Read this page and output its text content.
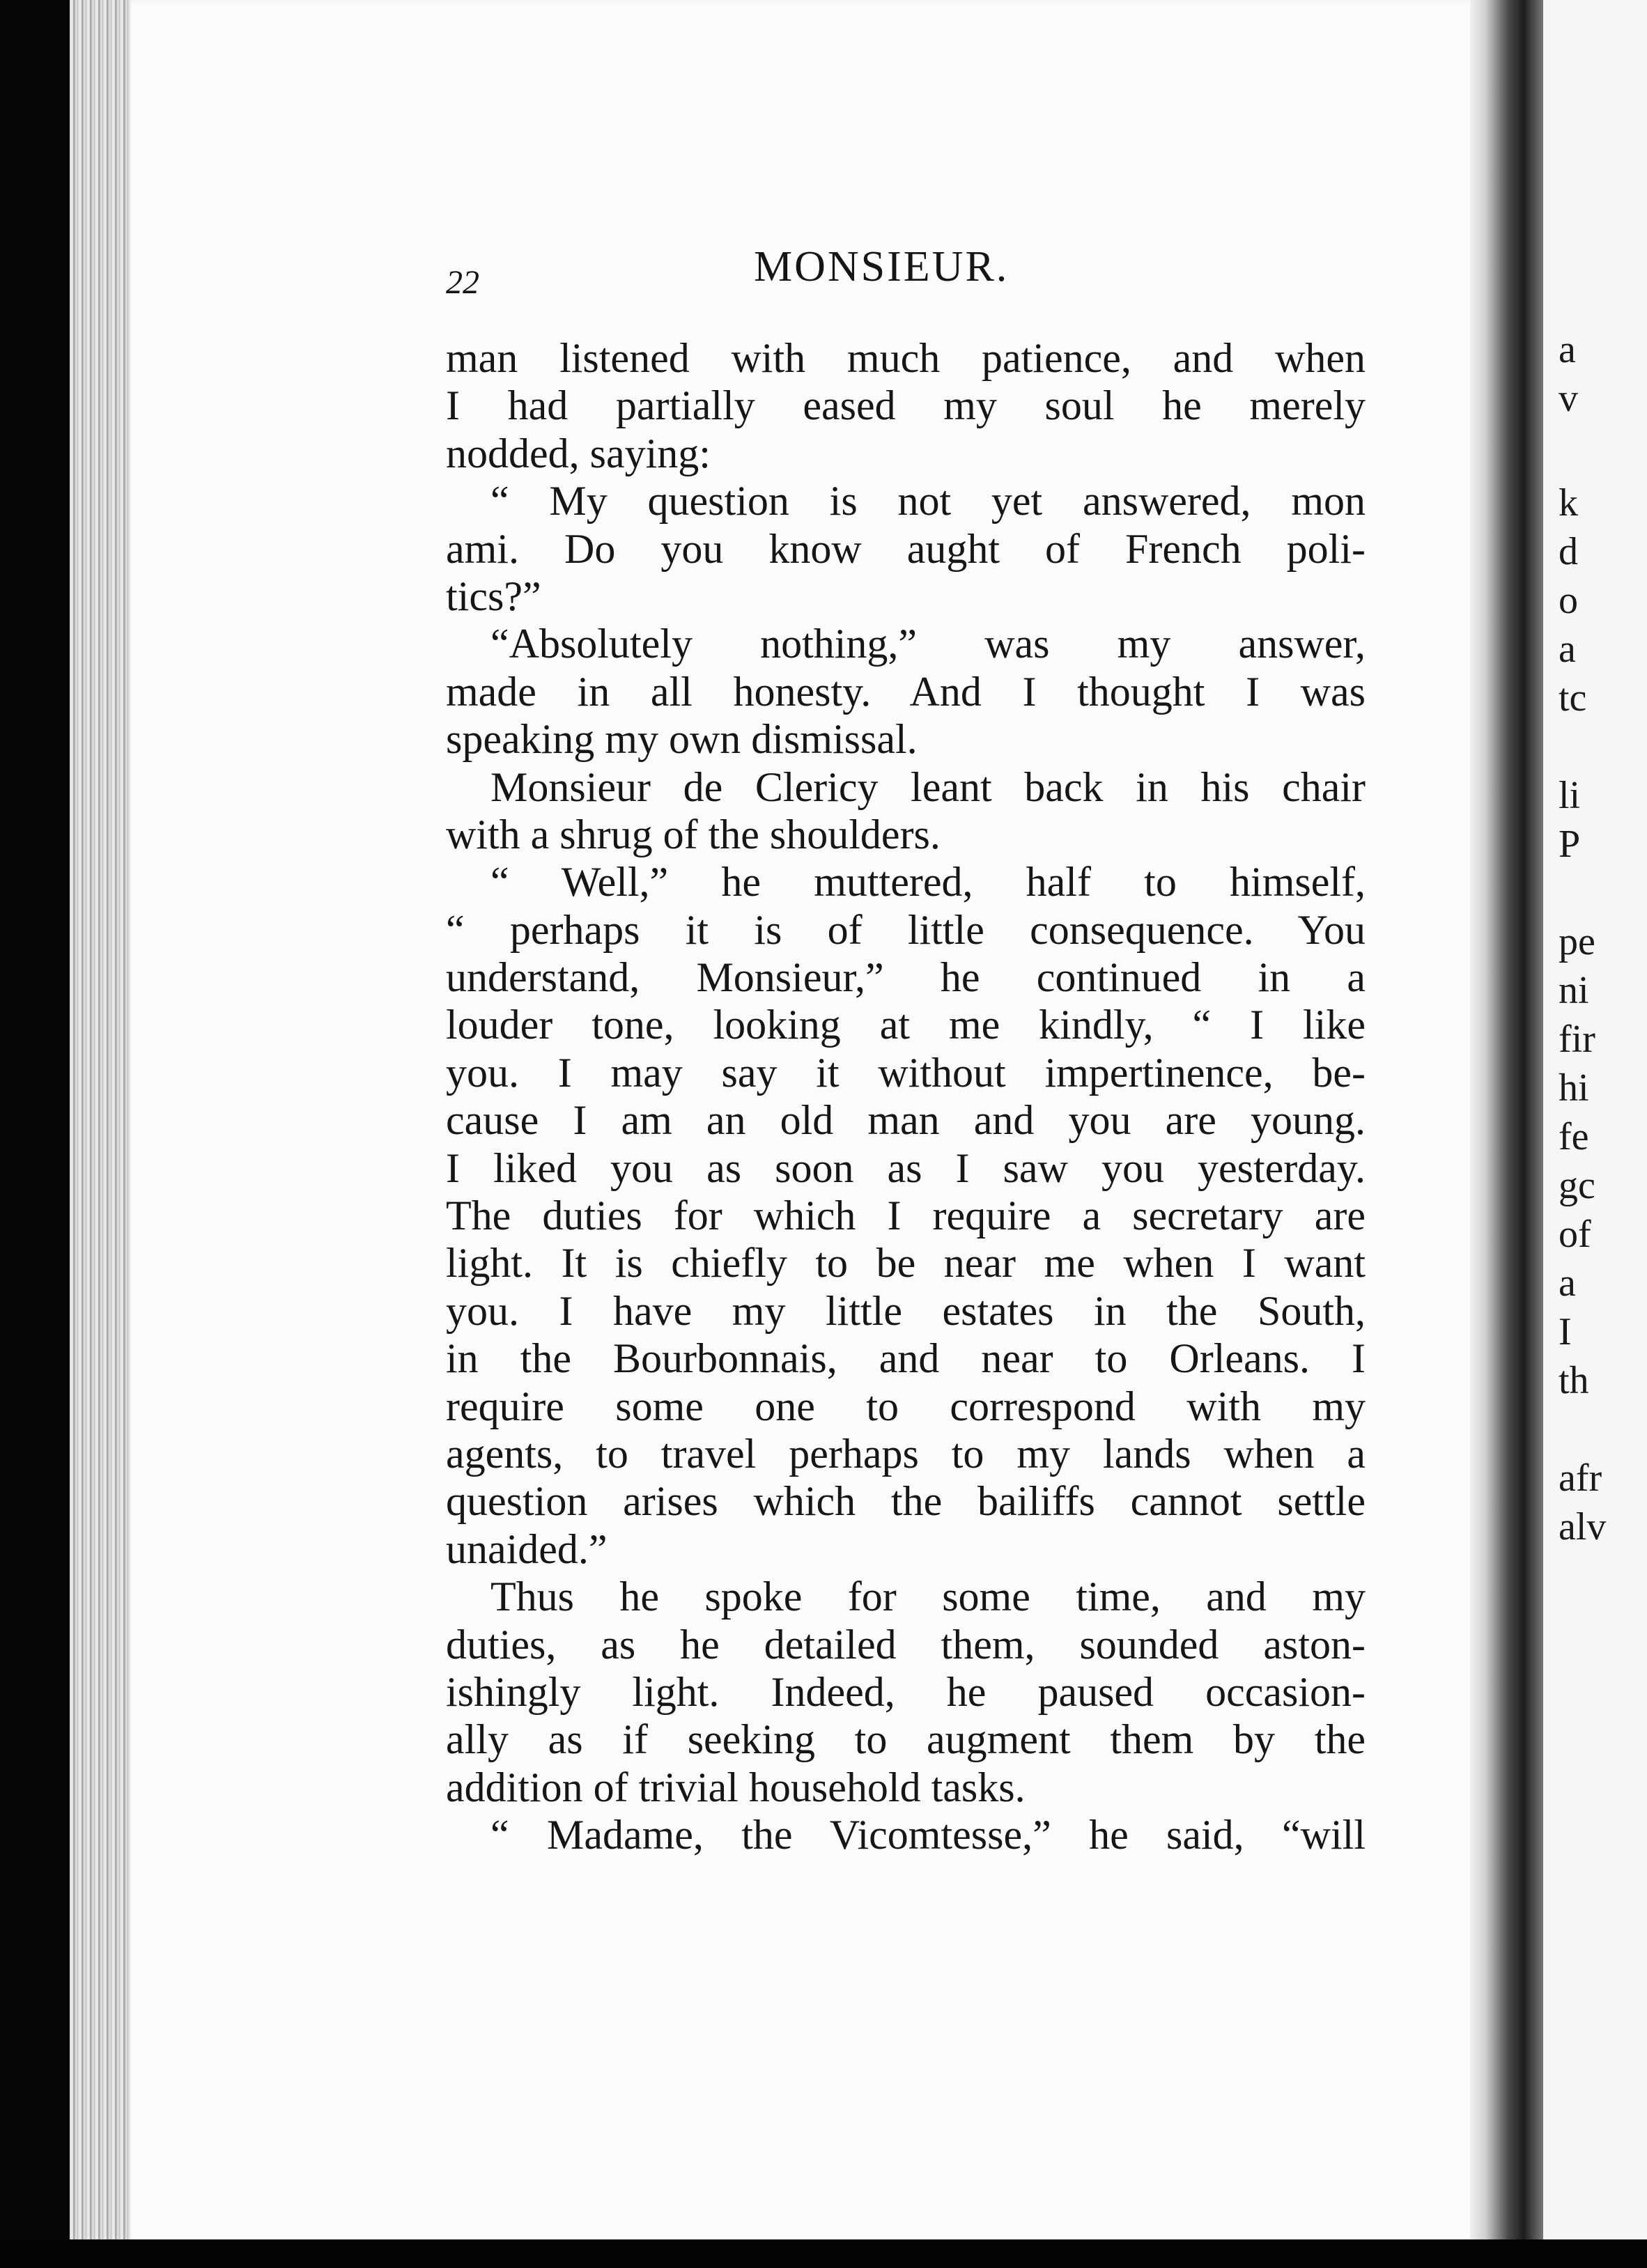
22	MONSIEUR.
man listened with much patience, and when
I had partially eased my soul he merely
nodded, saying:
“ My question is not yet answered, mon
ami. Do you know aught of French poli-
tics?”
“Absolutely nothing,” was my answer,
made in all honesty. And I thought I was
speaking my own dismissal.
Monsieur de Clericy leant back in his chair
with a shrug of the shoulders.
“ Well,” he muttered, half to himself,
“ perhaps it is of little consequence. You
understand, Monsieur,” he continued in a
louder tone, looking at me kindly, “ I like
you. I may say it without impertinence, be-
cause I am an old man and you are young.
I liked you as soon as I saw you yesterday.
The duties for which I require a secretary are
light. It is chiefly to be near me when I want
you. I have my little estates in the South,
in the Bourbonnais, and near to Orleans. I
require some one to correspond with my
agents, to travel perhaps to my lands when a
question arises which the bailiffs cannot settle
unaided.”
Thus he spoke for some time, and my
duties, as he detailed them, sounded aston-
ishingly light. Indeed, he paused occasion-
ally as if seeking to augment them by the
addition of trivial household tasks.
“ Madame, the Vicomtesse,” he said, “will
a
v
k
d
o
a
tc
li
P
pe
ni
fir
hi
fe
gc
of
a
I
th
afr
alv
